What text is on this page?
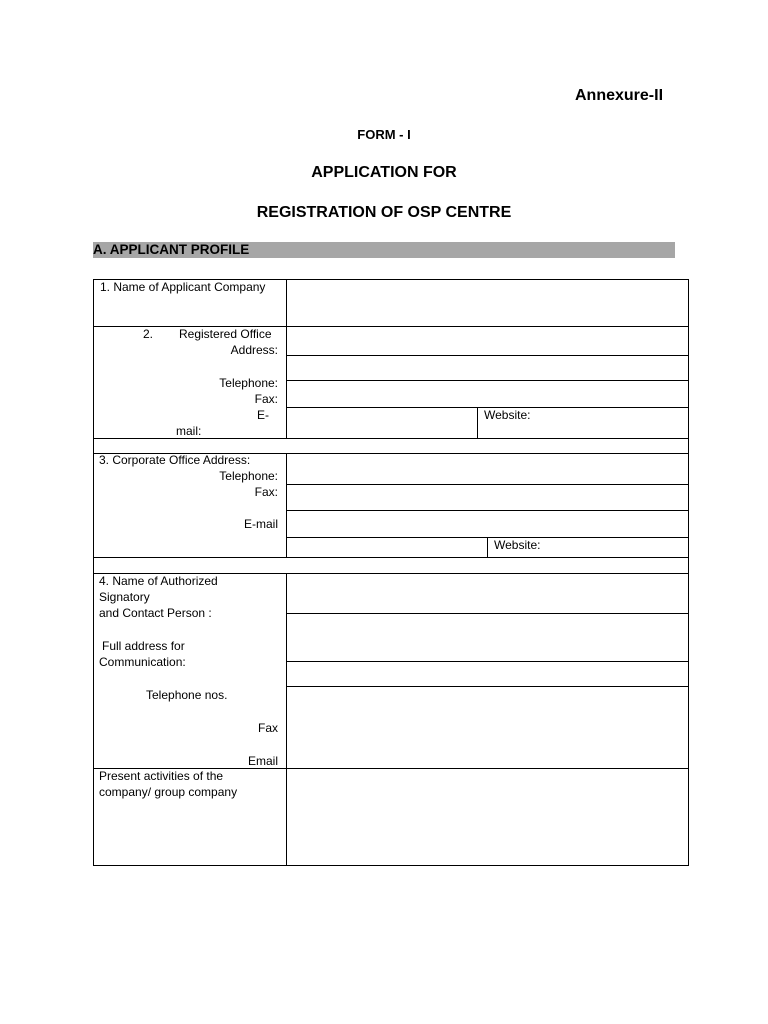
Annexure-II
FORM - I
APPLICATION FOR
REGISTRATION OF OSP CENTRE
A. APPLICANT PROFILE
1. Name of Applicant Company
2. Registered Office
Address:
Telephone:
Fax:
E-
mail:
Website:
3. Corporate Office Address:
Telephone:
Fax:
E-mail
Website:
4. Name of Authorized
Signatory
and Contact Person :
Full address for
Communication:
Telephone nos.
Fax
Email
Present activities of the
company/ group company
